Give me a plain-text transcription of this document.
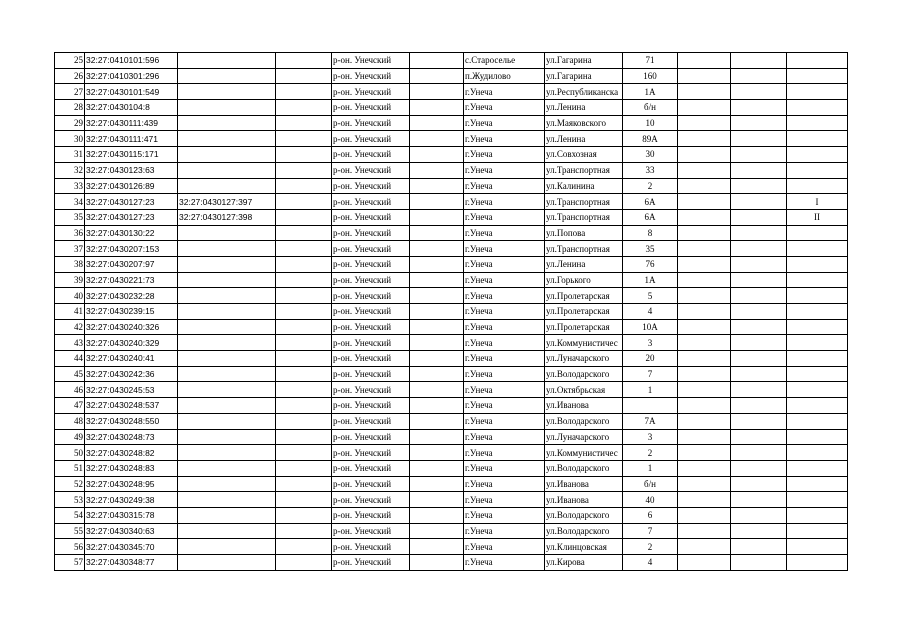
25	32:27:0410101:596			р-он. Унечский		с.Староселье	ул.Гагарина	71			
26	32:27:0410301:296			р-он. Унечский		п.Жудилово	ул.Гагарина	160			
27	32:27:0430101:549			р-он. Унечский		г.Унеча	ул.Республиканска	1А			
28	32:27:0430104:8			р-он. Унечский		г.Унеча	ул.Ленина	б/н			
29	32:27:0430111:439			р-он. Унечский		г.Унеча	ул.Маяковского	10			
30	32:27:0430111:471			р-он. Унечский		г.Унеча	ул.Ленина	89А			
31	32:27:0430115:171			р-он. Унечский		г.Унеча	ул.Совхозная	30			
32	32:27:0430123:63			р-он. Унечский		г.Унеча	ул.Транспортная	33			
33	32:27:0430126:89			р-он. Унечский		г.Унеча	ул.Калинина	2			
34	32:27:0430127:23	32:27:0430127:397		р-он. Унечский		г.Унеча	ул.Транспортная	6А			I
35	32:27:0430127:23	32:27:0430127:398		р-он. Унечский		г.Унеча	ул.Транспортная	6А			II
36	32:27:0430130:22			р-он. Унечский		г.Унеча	ул.Попова	8			
37	32:27:0430207:153			р-он. Унечский		г.Унеча	ул.Транспортная	35			
38	32:27:0430207:97			р-он. Унечский		г.Унеча	ул.Ленина	76			
39	32:27:0430221:73			р-он. Унечский		г.Унеча	ул.Горького	1А			
40	32:27:0430232:28			р-он. Унечский		г.Унеча	ул.Пролетарская	5			
41	32:27:0430239:15			р-он. Унечский		г.Унеча	ул.Пролетарская	4			
42	32:27:0430240:326			р-он. Унечский		г.Унеча	ул.Пролетарская	10А			
43	32:27:0430240:329			р-он. Унечский		г.Унеча	ул.Коммунистичес	3			
44	32:27:0430240:41			р-он. Унечский		г.Унеча	ул.Луначарского	20			
45	32:27:0430242:36			р-он. Унечский		г.Унеча	ул.Володарского	7			
46	32:27:0430245:53			р-он. Унечский		г.Унеча	ул.Октябрьская	1			
47	32:27:0430248:537			р-он. Унечский		г.Унеча	ул.Иванова				
48	32:27:0430248:550			р-он. Унечский		г.Унеча	ул.Володарского	7А			
49	32:27:0430248:73			р-он. Унечский		г.Унеча	ул.Луначарского	3			
50	32:27:0430248:82			р-он. Унечский		г.Унеча	ул.Коммунистичес	2			
51	32:27:0430248:83			р-он. Унечский		г.Унеча	ул.Володарского	1			
52	32:27:0430248:95			р-он. Унечский		г.Унеча	ул.Иванова	б/н			
53	32:27:0430249:38			р-он. Унечский		г.Унеча	ул.Иванова	40			
54	32:27:0430315:78			р-он. Унечский		г.Унеча	ул.Володарского	6			
55	32:27:0430340:63			р-он. Унечский		г.Унеча	ул.Володарского	7			
56	32:27:0430345:70			р-он. Унечский		г.Унеча	ул.Клинцовская	2			
57	32:27:0430348:77			р-он. Унечский		г.Унеча	ул.Кирова	4			
